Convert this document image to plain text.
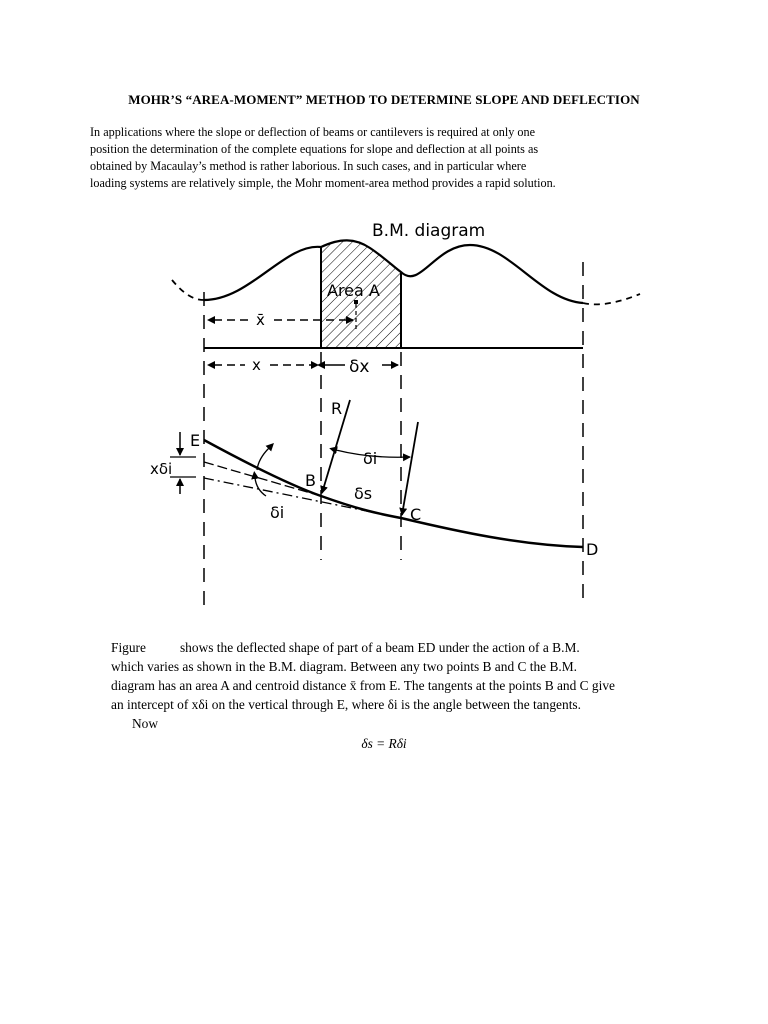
MOHR’S “AREA-MOMENT” METHOD TO DETERMINE SLOPE AND DEFLECTION
In applications where the slope or deflection of beams or cantilevers is required at only one
position the determination of the complete equations for slope and deflection at all points as
obtained by Macaulay’s method is rather laborious. In such cases, and in particular where
loading systems are relatively simple, the Mohr moment-area method provides a rapid solution.
B.M. diagram
Area A
x̄
x	δx
R
δi
δi
δs
xδi
E
B
C
D
Figure	shows the deflected shape of part of a beam ED under the action of a B.M.
which varies as shown in the B.M. diagram. Between any two points B and C the B.M.
diagram has an area A and centroid distance x̄ from E. The tangents at the points B and C give
an intercept of xδi on the vertical through E, where δi is the angle between the tangents.
Now
δs = Rδi
